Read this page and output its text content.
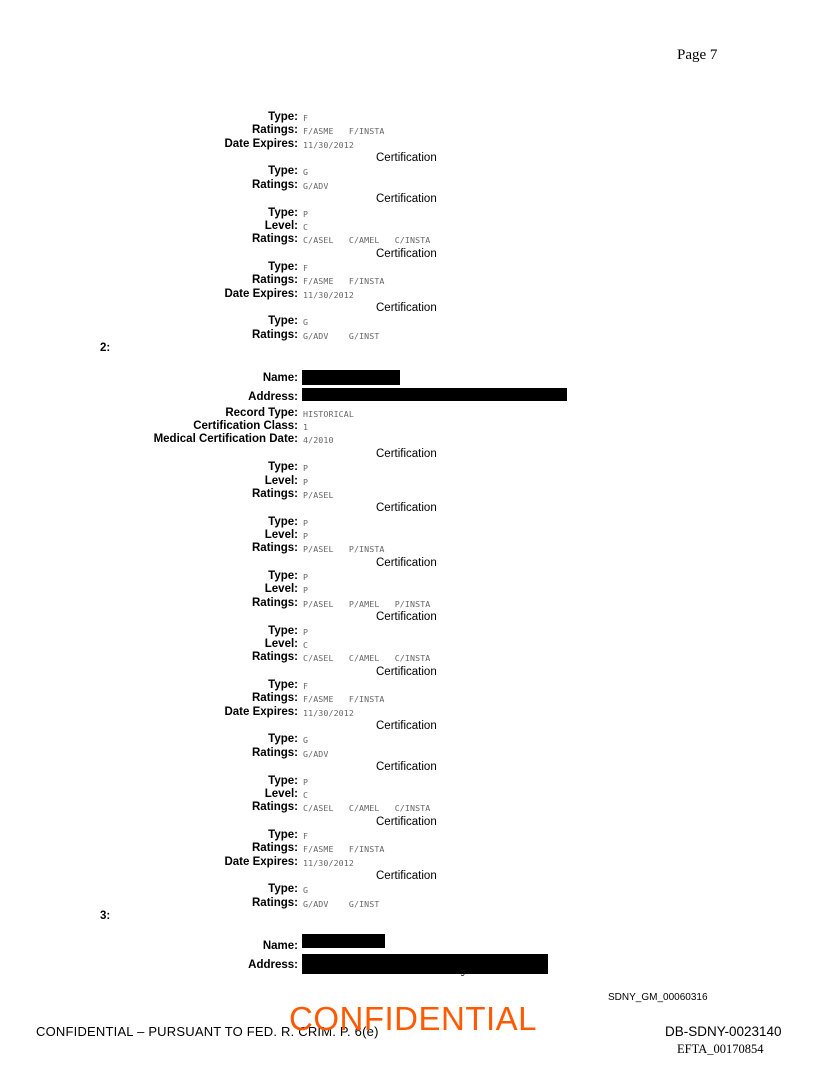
Page 7
Type: F
Ratings: F/ASME   F/INSTA
Date Expires: 11/30/2012
Certification
Type: G
Ratings: G/ADV
Certification
Type: P
Level: C
Ratings: C/ASEL   C/AMEL   C/INSTA
Certification
Type: F
Ratings: F/ASME   F/INSTA
Date Expires: 11/30/2012
Certification
Type: G
Ratings: G/ADV    G/INST
2:
Name:
Address:
Record Type: HISTORICAL
Certification Class: 1
Medical Certification Date: 4/2010
Certification
Type: P
Level: P
Ratings: P/ASEL
Certification
Type: P
Level: P
Ratings: P/ASEL   P/INSTA
Certification
Type: P
Level: P
Ratings: P/ASEL   P/AMEL   P/INSTA
Certification
Type: P
Level: C
Ratings: C/ASEL   C/AMEL   C/INSTA
Certification
Type: F
Ratings: F/ASME   F/INSTA
Date Expires: 11/30/2012
Certification
Type: G
Ratings: G/ADV
Certification
Type: P
Level: C
Ratings: C/ASEL   C/AMEL   C/INSTA
Certification
Type: F
Ratings: F/ASME   F/INSTA
Date Expires: 11/30/2012
Certification
Type: G
Ratings: G/ADV    G/INST
3:
Name:
Address:	For internal use only
SDNY_GM_00060316
CONFIDENTIAL – PURSUANT TO FED. R. CRIM. P. 6(e)
CONFIDENTIAL	DB-SDNY-0023140
EFTA_00170854
